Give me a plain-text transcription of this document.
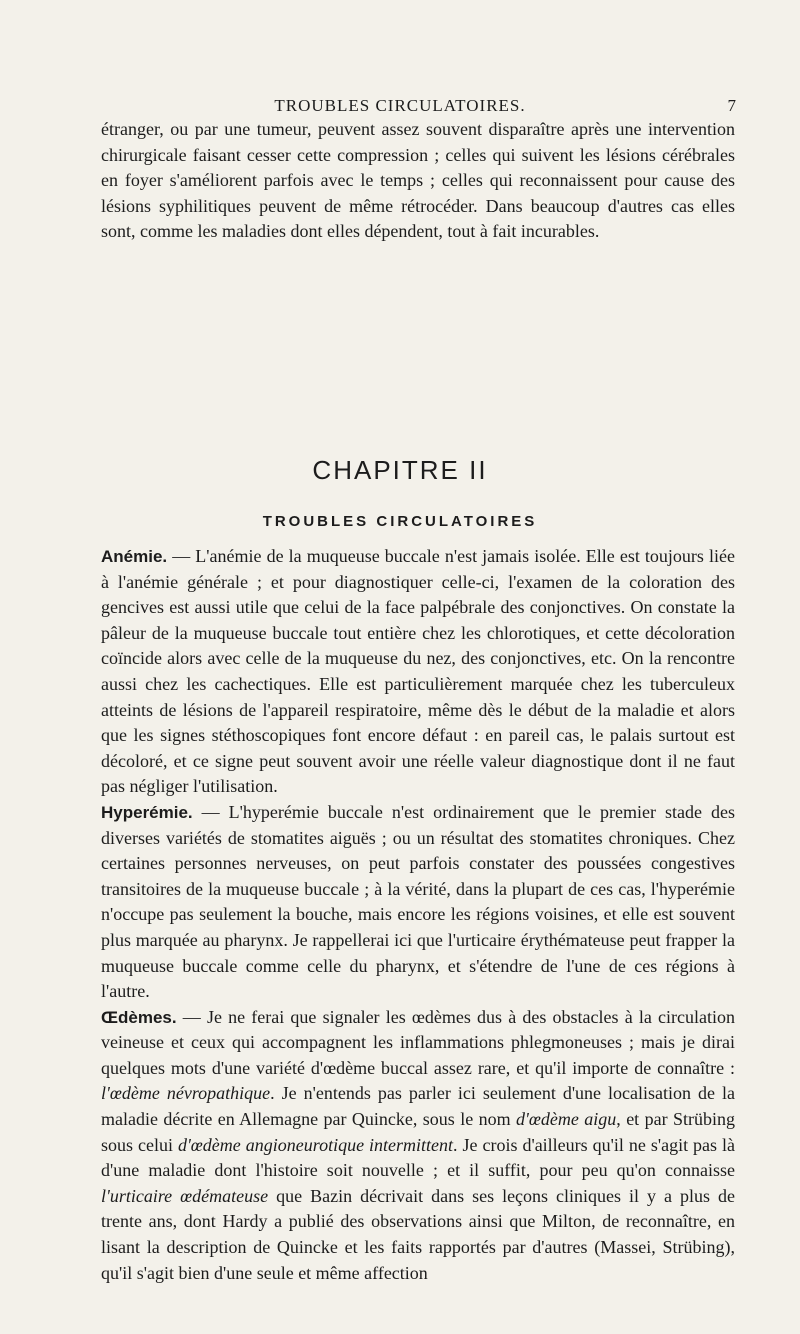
TROUBLES CIRCULATOIRES.	7

étranger, ou par une tumeur, peuvent assez souvent disparaître après une intervention chirurgicale faisant cesser cette compression ; celles qui suivent les lésions cérébrales en foyer s'améliorent parfois avec le temps ; celles qui reconnaissent pour cause des lésions syphilitiques peuvent de même rétrocéder. Dans beaucoup d'autres cas elles sont, comme les maladies dont elles dépendent, tout à fait incurables.

CHAPITRE II
TROUBLES CIRCULATOIRES

Anémie. — L'anémie de la muqueuse buccale n'est jamais isolée. Elle est toujours liée à l'anémie générale ; et pour diagnostiquer celle-ci, l'examen de la coloration des gencives est aussi utile que celui de la face palpébrale des conjonctives. On constate la pâleur de la muqueuse buccale tout entière chez les chlorotiques, et cette décoloration coïncide alors avec celle de la muqueuse du nez, des conjonctives, etc. On la rencontre aussi chez les cachectiques. Elle est particulièrement marquée chez les tuberculeux atteints de lésions de l'appareil respiratoire, même dès le début de la maladie et alors que les signes stéthoscopiques font encore défaut : en pareil cas, le palais surtout est décoloré, et ce signe peut souvent avoir une réelle valeur diagnostique dont il ne faut pas négliger l'utilisation.

Hyperémie. — L'hyperémie buccale n'est ordinairement que le premier stade des diverses variétés de stomatites aiguës ; ou un résultat des stomatites chroniques. Chez certaines personnes nerveuses, on peut parfois constater des poussées congestives transitoires de la muqueuse buccale ; à la vérité, dans la plupart de ces cas, l'hyperémie n'occupe pas seulement la bouche, mais encore les régions voisines, et elle est souvent plus marquée au pharynx. Je rappellerai ici que l'urticaire érythémateuse peut frapper la muqueuse buccale comme celle du pharynx, et s'étendre de l'une de ces régions à l'autre.

Œdèmes. — Je ne ferai que signaler les œdèmes dus à des obstacles à la circulation veineuse et ceux qui accompagnent les inflammations phlegmoneuses ; mais je dirai quelques mots d'une variété d'œdème buccal assez rare, et qu'il importe de connaître : l'œdème névropathique. Je n'entends pas parler ici seulement d'une localisation de la maladie décrite en Allemagne par Quincke, sous le nom d'œdème aigu, et par Strübing sous celui d'œdème angioneurotique intermittent. Je crois d'ailleurs qu'il ne s'agit pas là d'une maladie dont l'histoire soit nouvelle ; et il suffit, pour peu qu'on connaisse l'urticaire œdémateuse que Bazin décrivait dans ses leçons cliniques il y a plus de trente ans, dont Hardy a publié des observations ainsi que Milton, de reconnaître, en lisant la description de Quincke et les faits rapportés par d'autres (Massei, Strübing), qu'il s'agit bien d'une seule et même affection
